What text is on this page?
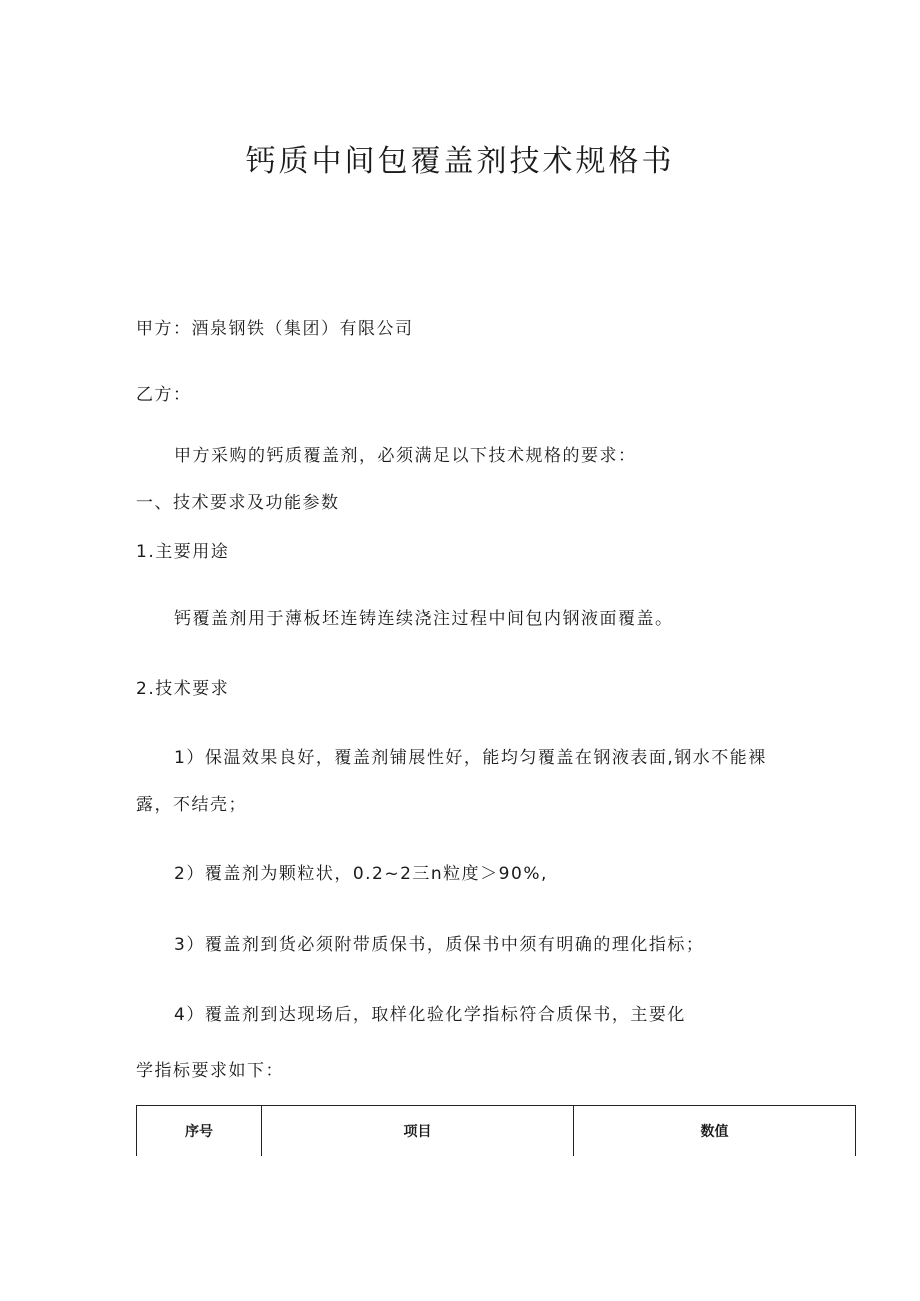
钙质中间包覆盖剂技术规格书
甲方：酒泉钢铁（集团）有限公司
乙方：
甲方采购的钙质覆盖剂，必须满足以下技术规格的要求：
一、技术要求及功能参数
1.主要用途
钙覆盖剂用于薄板坯连铸连续浇注过程中间包内钢液面覆盖。
2.技术要求
1）保温效果良好，覆盖剂铺展性好，能均匀覆盖在钢液表面,钢水不能裸
露，不结壳；
2）覆盖剂为颗粒状，0.2~2三n粒度＞90%,
3）覆盖剂到货必须附带质保书，质保书中须有明确的理化指标；
4）覆盖剂到达现场后，取样化验化学指标符合质保书，主要化
学指标要求如下：
序号	项目	数值
